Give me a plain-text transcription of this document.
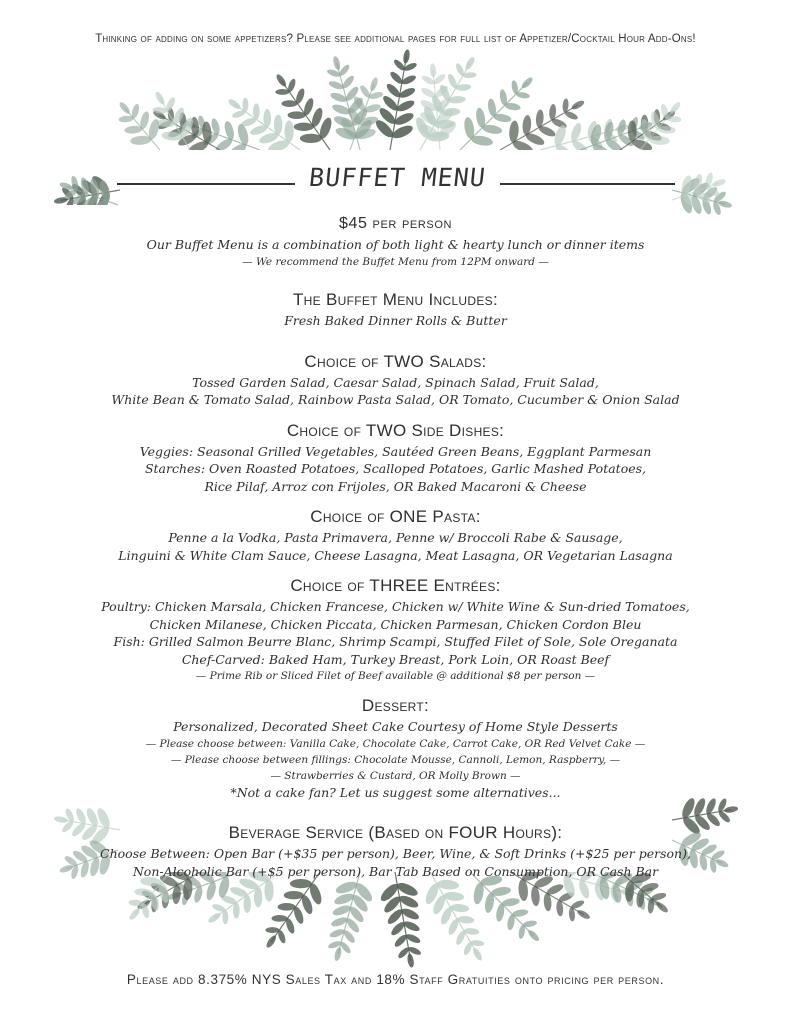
Thinking of adding on some appetizers? Please see additional pages for full list of Appetizer/Cocktail Hour Add-Ons!
BUFFET MENU

$45 per person

Our Buffet Menu is a combination of both light & hearty lunch or dinner items

— We recommend the Buffet Menu from 12PM onward —

The Buffet Menu Includes:

Fresh Baked Dinner Rolls & Butter

Choice of TWO Salads:

Tossed Garden Salad, Caesar Salad, Spinach Salad, Fruit Salad,

White Bean & Tomato Salad, Rainbow Pasta Salad, OR Tomato, Cucumber & Onion Salad

Choice of TWO Side Dishes:

Veggies: Seasonal Grilled Vegetables, Sautéed Green Beans, Eggplant Parmesan

Starches: Oven Roasted Potatoes, Scalloped Potatoes, Garlic Mashed Potatoes,

Rice Pilaf, Arroz con Frijoles, OR Baked Macaroni & Cheese

Choice of ONE Pasta:

Penne a la Vodka, Pasta Primavera, Penne w/ Broccoli Rabe & Sausage,

Linguini & White Clam Sauce, Cheese Lasagna, Meat Lasagna, OR Vegetarian Lasagna

Choice of THREE Entrées:

Poultry: Chicken Marsala, Chicken Francese, Chicken w/ White Wine & Sun-dried Tomatoes,

Chicken Milanese, Chicken Piccata, Chicken Parmesan, Chicken Cordon Bleu

Fish: Grilled Salmon Beurre Blanc, Shrimp Scampi, Stuffed Filet of Sole, Sole Oreganata

Chef-Carved: Baked Ham, Turkey Breast, Pork Loin, OR Roast Beef

— Prime Rib or Sliced Filet of Beef available @ additional $8 per person —

Dessert:

Personalized, Decorated Sheet Cake Courtesy of Home Style Desserts

— Please choose between: Vanilla Cake, Chocolate Cake, Carrot Cake, OR Red Velvet Cake —

— Please choose between fillings: Chocolate Mousse, Cannoli, Lemon, Raspberry, —

— Strawberries & Custard, OR Molly Brown —

*Not a cake fan? Let us suggest some alternatives...

Beverage Service (Based on FOUR Hours):

Choose Between: Open Bar (+$35 per person), Beer, Wine, & Soft Drinks (+$25 per person),

Non-Alcoholic Bar (+$5 per person), Bar Tab Based on Consumption, OR Cash Bar

Please add 8.375% NYS Sales Tax and 18% Staff Gratuities onto pricing per person.
